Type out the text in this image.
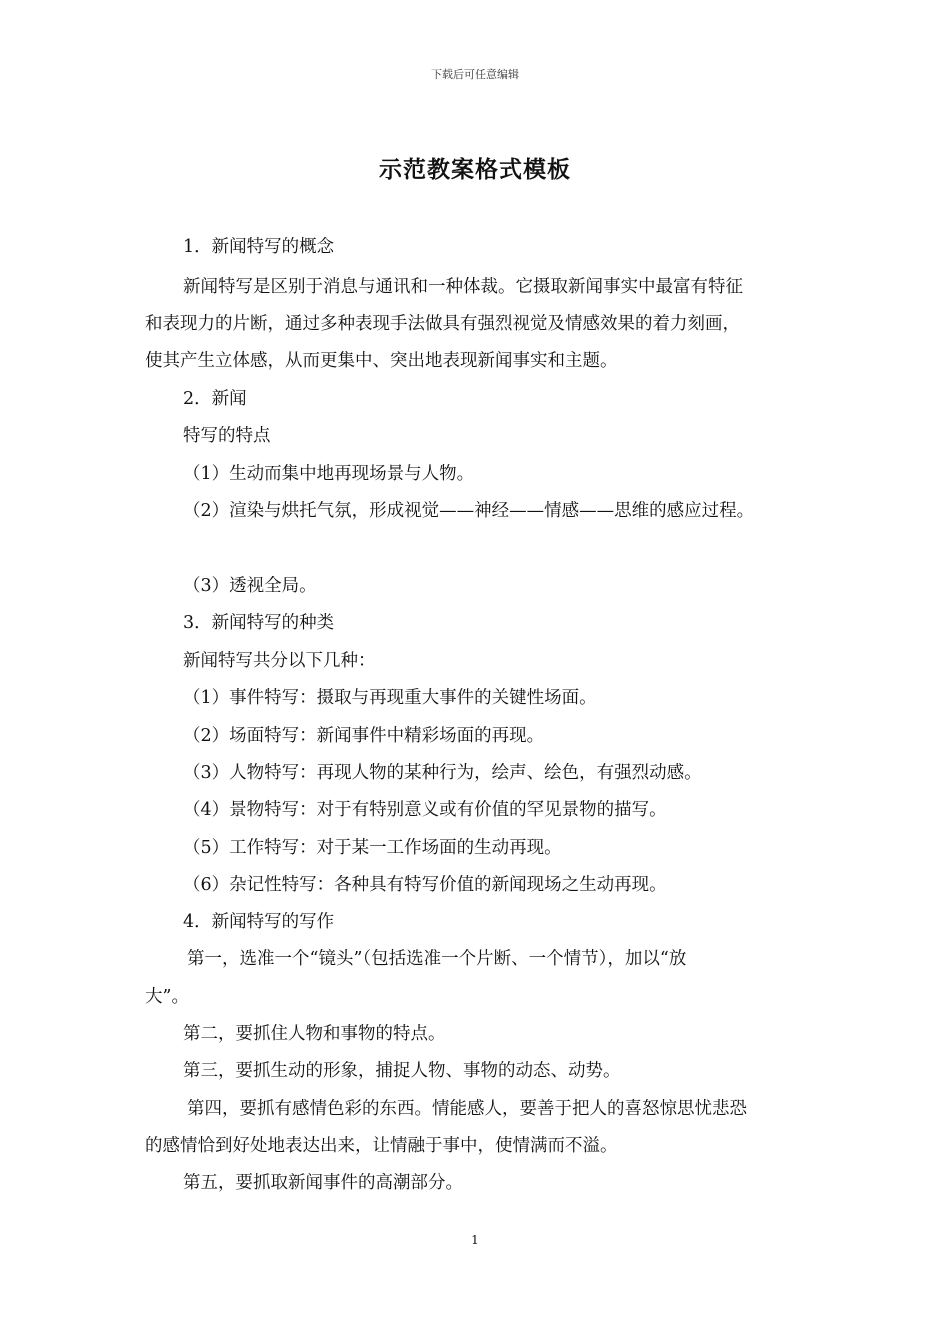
下载后可任意编辑
示范教案格式模板
1．新闻特写的概念
新闻特写是区别于消息与通讯和一种体裁。它摄取新闻事实中最富有特征
和表现力的片断，通过多种表现手法做具有强烈视觉及情感效果的着力刻画，
使其产生立体感，从而更集中、突出地表现新闻事实和主题。
2．新闻
特写的特点
（1）生动而集中地再现场景与人物。
（2）渲染与烘托气氛，形成视觉——神经——情感——思维的感应过程。
（3）透视全局。
3．新闻特写的种类
新闻特写共分以下几种：
（1）事件特写：摄取与再现重大事件的关键性场面。
（2）场面特写：新闻事件中精彩场面的再现。
（3）人物特写：再现人物的某种行为，绘声、绘色，有强烈动感。
（4）景物特写：对于有特别意义或有价值的罕见景物的描写。
（5）工作特写：对于某一工作场面的生动再现。
（6）杂记性特写：各种具有特写价值的新闻现场之生动再现。
4．新闻特写的写作
第一，选准一个“镜头”（包括选准一个片断、一个情节），加以“放
大”。
第二，要抓住人物和事物的特点。
第三，要抓生动的形象，捕捉人物、事物的动态、动势。
第四，要抓有感情色彩的东西。情能感人，要善于把人的喜怒惊思忧悲恐
的感情恰到好处地表达出来，让情融于事中，使情满而不溢。
第五，要抓取新闻事件的高潮部分。
1
